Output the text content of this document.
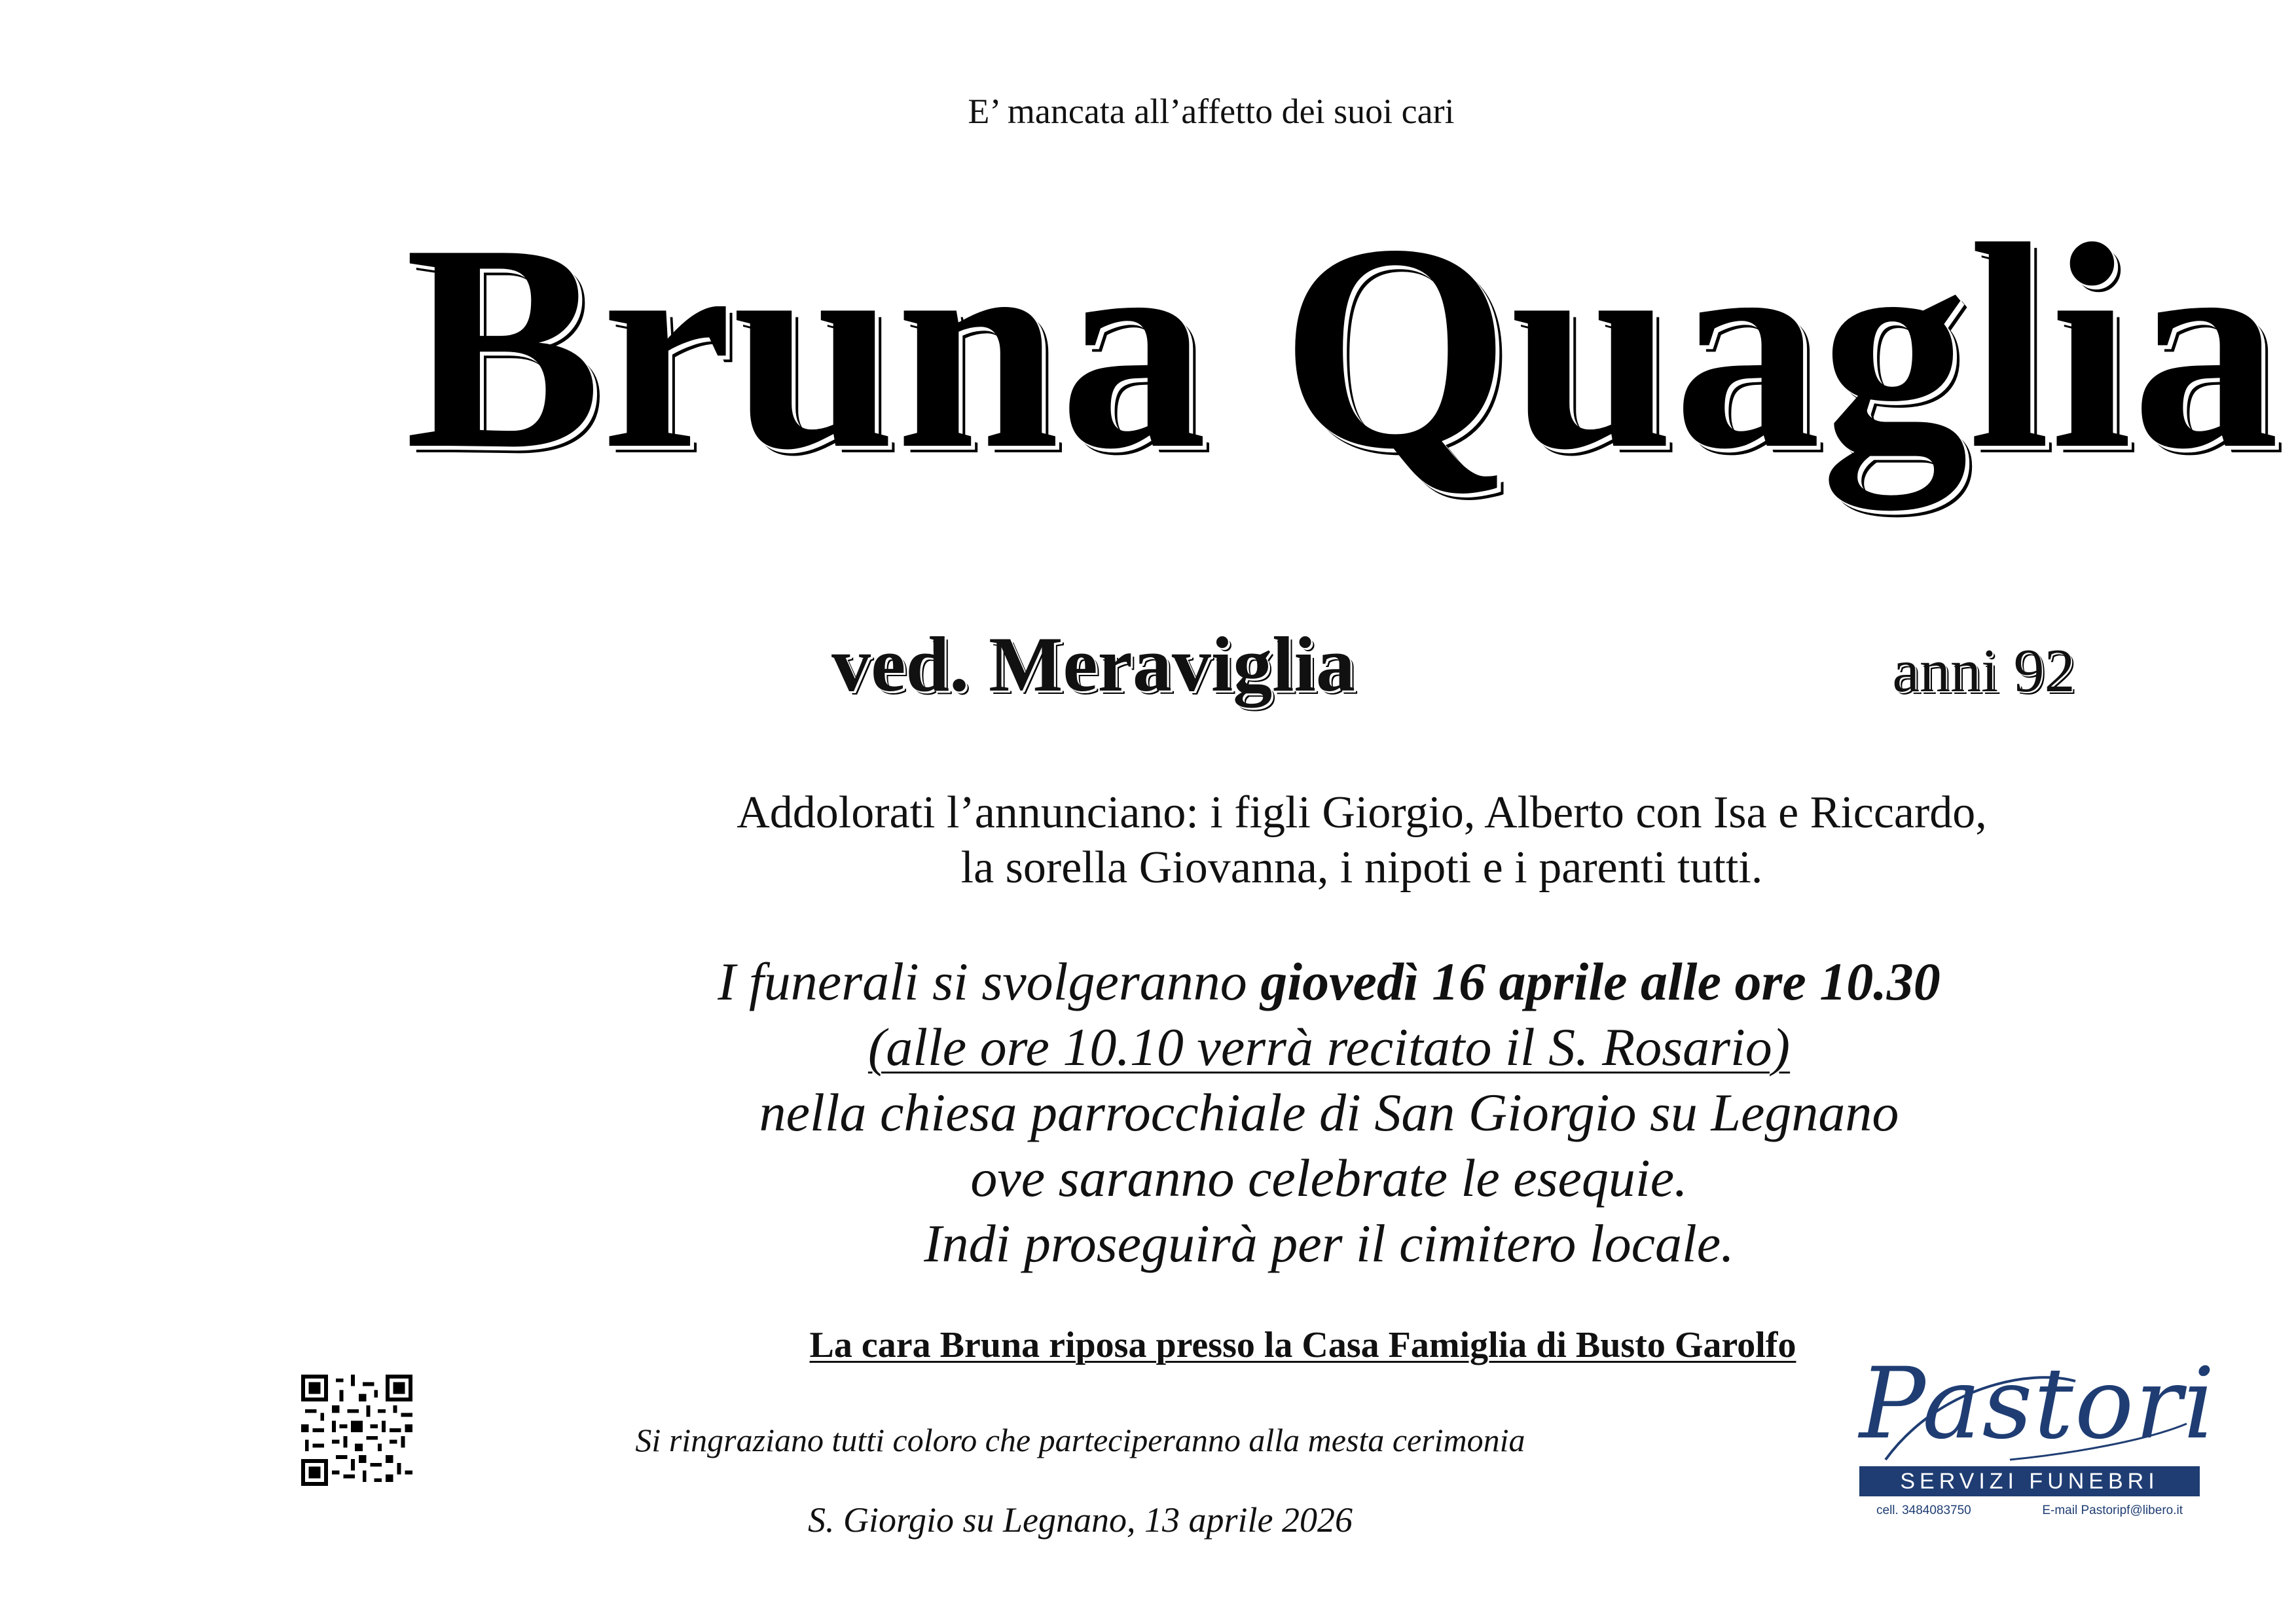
E’ mancata all’affetto dei suoi cari
Bruna Quaglia
ved. Meraviglia	anni 92
Addolorati l’annunciano: i figli Giorgio, Alberto con Isa e Riccardo,
la sorella Giovanna, i nipoti e i parenti tutti.
I funerali si svolgeranno giovedì 16 aprile alle ore 10.30
(alle ore 10.10 verrà recitato il S. Rosario)
nella chiesa parrocchiale di San Giorgio su Legnano
ove saranno celebrate le esequie.
Indi proseguirà per il cimitero locale.
La cara Bruna riposa presso la Casa Famiglia di Busto Garolfo
Si ringraziano tutti coloro che parteciperanno alla mesta cerimonia
S. Giorgio su Legnano, 13 aprile 2026
Pastori
SERVIZI FUNEBRI
cell. 3484083750	E-mail Pastoripf@libero.it
